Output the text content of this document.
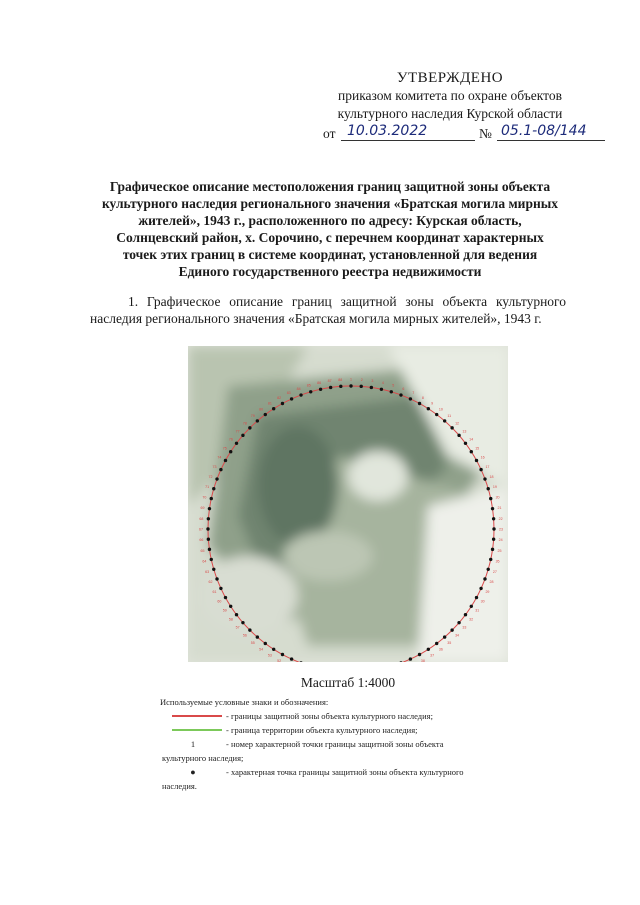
УТВЕРЖДЕНО
приказом комитета по охране объектов
культурного наследия Курской области
от 10.03.2022	№ 05.1-08/144
Графическое описание местоположения границ защитной зоны объекта культурного наследия регионального значения «Братская могила мирных жителей», 1943 г., расположенного по адресу: Курская область, Солнцевский район, х. Сорочино, с перечнем координат характерных точек этих границ в системе координат, установленной для ведения Единого государственного реестра недвижимости
1. Графическое описание границ защитной зоны объекта культурного наследия регионального значения «Братская могила мирных жителей», 1943 г.
1 2 3 4
5
6
7
8
9
10
11
12
13
14
15
16
17
18
19
20
21
22
23
24
25
26
27
28
29
30
31
32
33
34
35
36
37
38
52
53
54
55
56
57
58
59
60
61
62
63
64
65
66
67
68
69
70
71
72
73
74
75
76
77
78
79
80
81
82
83
84
85
86 87 88
Масштаб 1:4000
Используемые условные знаки и обозначения:
- границы защитной зоны объекта культурного наследия;
- граница территории объекта культурного наследия;
1	- номер характерной точки границы защитной зоны объекта
культурного наследия;
●	- характерная точка границы защитной зоны объекта культурного
наследия.
